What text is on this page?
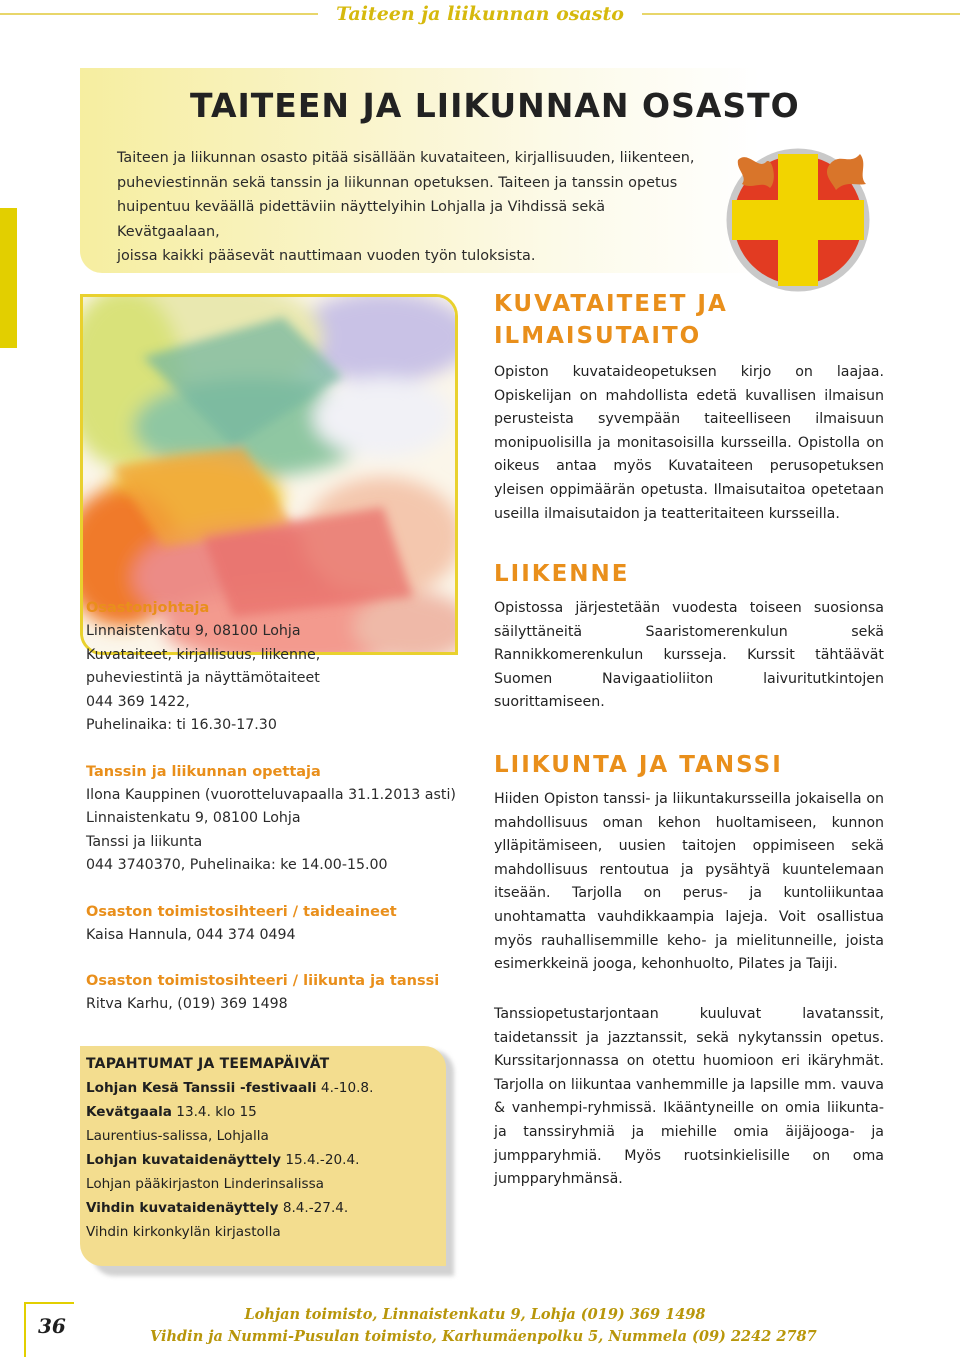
Taiteen ja liikunnan osasto
TAITEEN JA LIIKUNNAN OSASTO
Taiteen ja liikunnan osasto pitää sisällään kuvataiteen, kirjallisuuden, liikenteen,
puheviestinnän sekä tanssin ja liikunnan opetuksen. Taiteen ja tanssin opetus
huipentuu keväällä pidettäviin näyttelyihin Lohjalla ja Vihdissä sekä Kevätgaalaan,
joissa kaikki pääsevät nauttimaan vuoden työn tuloksista.
KUVATAITEET JA
ILMAISUTAITO
Opiston kuvataideopetuksen kirjo on laajaa. Opiskelijan on mahdollista edetä kuvallisen ilmaisun perusteista syvempään taiteelliseen ilmaisuun monipuolisilla ja monitasoisilla kursseilla. Opistolla on oikeus antaa myös Kuvataiteen perusopetuksen yleisen oppimäärän opetusta. Ilmaisutaitoa opetetaan useilla ilmaisutaidon ja teatteritaiteen kursseilla.
LIIKENNE
Opistossa järjestetään vuodesta toiseen suosionsa säilyttäneitä Saaristomerenkulun sekä Rannikkomerenkulun kursseja. Kurssit tähtäävät Suomen Navigaatioliiton laivuritutkintojen suorittamiseen.
LIIKUNTA JA TANSSI
Hiiden Opiston tanssi- ja liikuntakursseilla jokaisella on mahdollisuus oman kehon huoltamiseen, kunnon ylläpitämiseen, uusien taitojen oppimiseen sekä mahdollisuus rentoutua ja pysähtyä kuuntelemaan itseään. Tarjolla on perus- ja kuntoliikuntaa unohtamatta vauhdikkaampia lajeja. Voit osallistua myös rauhallisemmille keho- ja mielitunneille, joista esimerkkeinä jooga, kehonhuolto, Pilates ja Taiji.
Tanssiopetustarjontaan kuuluvat lavatanssit, taidetanssit ja jazztanssit, sekä nykytanssin opetus. Kurssitarjonnassa on otettu huomioon eri ikäryhmät. Tarjolla on liikuntaa vanhemmille ja lapsille mm. vauva & vanhempi-ryhmissä. Ikääntyneille on omia liikunta- ja tanssiryhmiä ja miehille omia äijäjooga- ja jumpparyhmiä. Myös ruotsinkielisille on oma jumpparyhmänsä.
Osastonjohtaja
Linnaistenkatu 9, 08100 Lohja
Kuvataiteet, kirjallisuus, liikenne,
puheviestintä ja näyttämötaiteet
044 369 1422,
Puhelinaika: ti 16.30-17.30
Tanssin ja liikunnan opettaja
Ilona Kauppinen (vuorotteluvapaalla 31.1.2013 asti)
Linnaistenkatu 9, 08100 Lohja
Tanssi ja liikunta
044 3740370, Puhelinaika: ke 14.00-15.00
Osaston toimistosihteeri / taideaineet
Kaisa Hannula, 044 374 0494
Osaston toimistosihteeri / liikunta ja tanssi
Ritva Karhu, (019) 369 1498
TAPAHTUMAT JA TEEMAPÄIVÄT
Lohjan Kesä Tanssii -festivaali 4.-10.8.
Kevätgaala 13.4. klo 15
Laurentius-salissa, Lohjalla
Lohjan kuvataidenäyttely 15.4.-20.4.
Lohjan pääkirjaston Linderinsalissa
Vihdin kuvataidenäyttely 8.4.-27.4.
Vihdin kirkonkylän kirjastolla
36	Lohjan toimisto, Linnaistenkatu 9, Lohja (019) 369 1498
Vihdin ja Nummi-Pusulan toimisto, Karhumäenpolku 5, Nummela (09) 2242 2787
